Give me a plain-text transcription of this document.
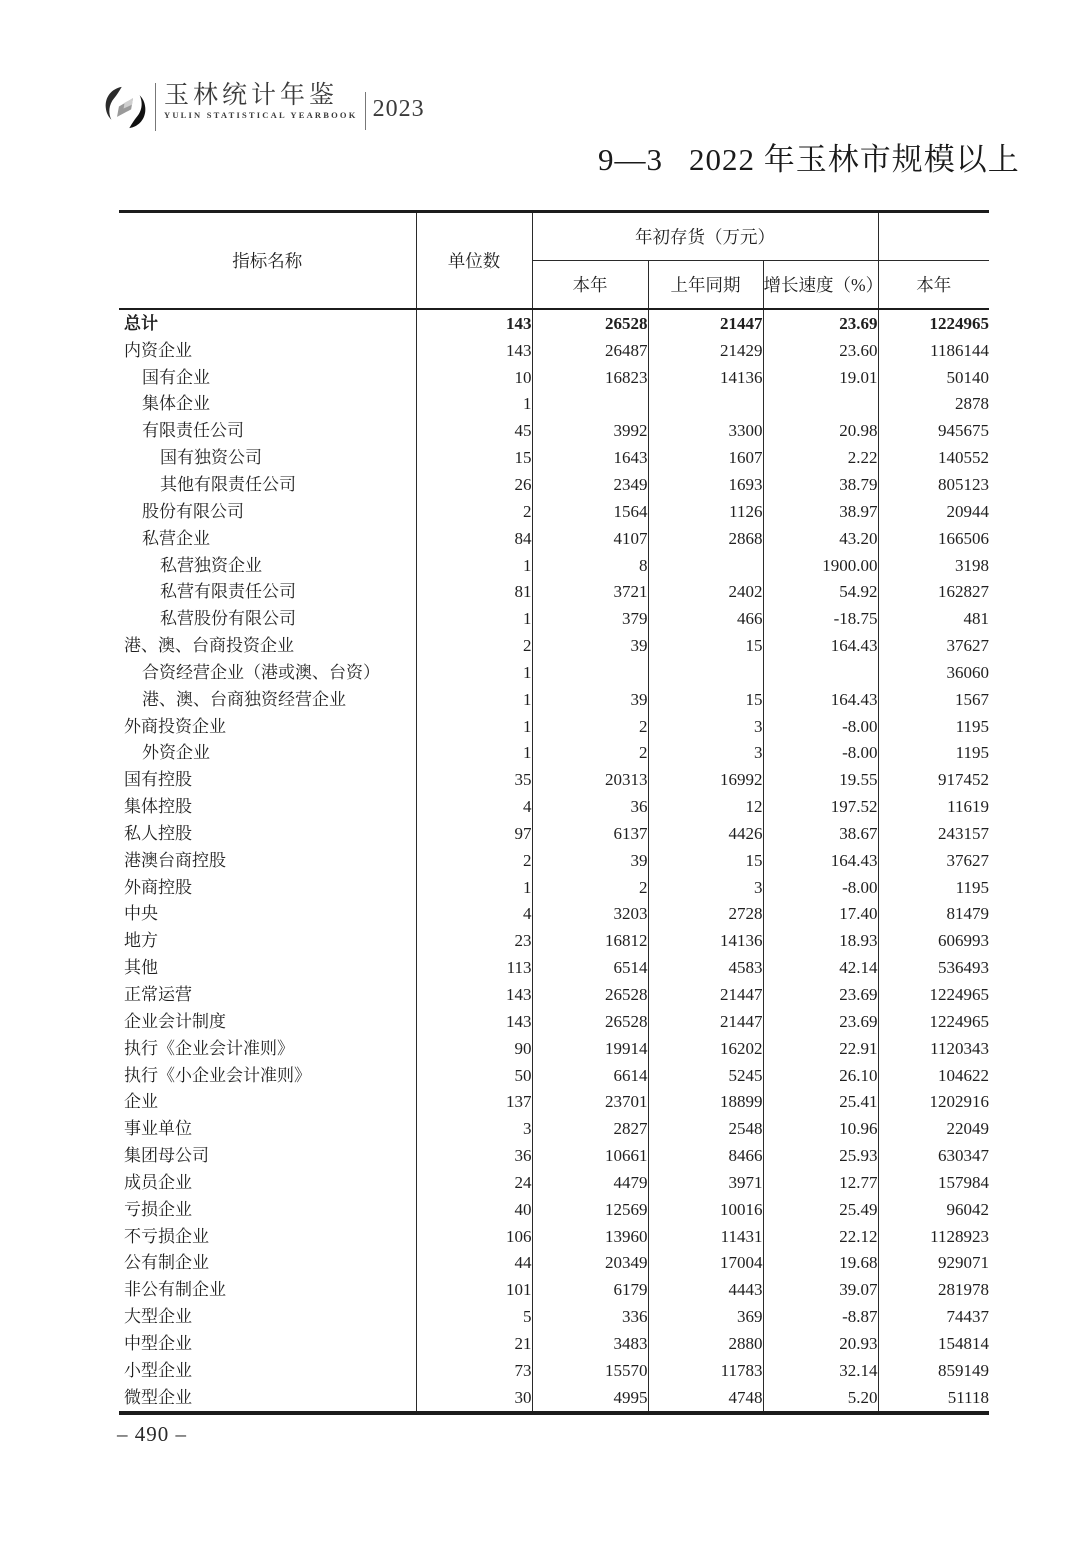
玉林统计年鉴
YULIN STATISTICAL YEARBOOK 2023
9—3 2022 年玉林市规模以上
指标名称	单位数	年初存货（万元）			
		本年	上年同期	增长速度（%）	本年
总计	143	26528	21447	23.69	1224965
内资企业	143	26487	21429	23.60	1186144
国有企业	10	16823	14136	19.01	50140
集体企业	1				2878
有限责任公司	45	3992	3300	20.98	945675
国有独资公司	15	1643	1607	2.22	140552
其他有限责任公司	26	2349	1693	38.79	805123
股份有限公司	2	1564	1126	38.97	20944
私营企业	84	4107	2868	43.20	166506
私营独资企业	1	8		1900.00	3198
私营有限责任公司	81	3721	2402	54.92	162827
私营股份有限公司	1	379	466	-18.75	481
港、澳、台商投资企业	2	39	15	164.43	37627
合资经营企业（港或澳、台资）	1				36060
港、澳、台商独资经营企业	1	39	15	164.43	1567
外商投资企业	1	2	3	-8.00	1195
外资企业	1	2	3	-8.00	1195
国有控股	35	20313	16992	19.55	917452
集体控股	4	36	12	197.52	11619
私人控股	97	6137	4426	38.67	243157
港澳台商控股	2	39	15	164.43	37627
外商控股	1	2	3	-8.00	1195
中央	4	3203	2728	17.40	81479
地方	23	16812	14136	18.93	606993
其他	113	6514	4583	42.14	536493
正常运营	143	26528	21447	23.69	1224965
企业会计制度	143	26528	21447	23.69	1224965
执行《企业会计准则》	90	19914	16202	22.91	1120343
执行《小企业会计准则》	50	6614	5245	26.10	104622
企业	137	23701	18899	25.41	1202916
事业单位	3	2827	2548	10.96	22049
集团母公司	36	10661	8466	25.93	630347
成员企业	24	4479	3971	12.77	157984
亏损企业	40	12569	10016	25.49	96042
不亏损企业	106	13960	11431	22.12	1128923
公有制企业	44	20349	17004	19.68	929071
非公有制企业	101	6179	4443	39.07	281978
大型企业	5	336	369	-8.87	74437
中型企业	21	3483	2880	20.93	154814
小型企业	73	15570	11783	32.14	859149
微型企业	30	4995	4748	5.20	51118
– 490 –
